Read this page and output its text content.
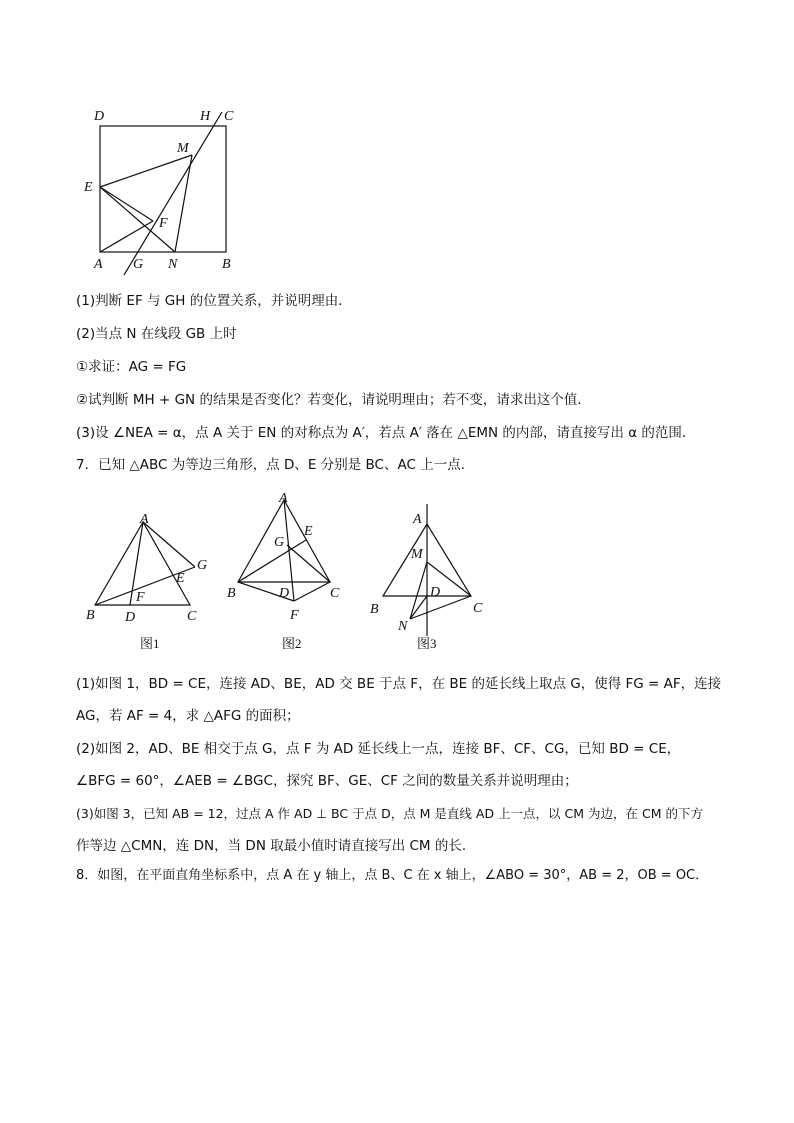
D	H C
M
E
F
A G N	B
(1)判断 EF 与 GH 的位置关系，并说明理由．
(2)当点 N 在线段 GB 上时
①求证：AG = FG
②试判断 MH + GN 的结果是否变化？若变化，请说明理由；若不变，请求出这个值．
(3)设 ∠NEA = α，点 A 关于 EN 的对称点为 A′，若点 A′ 落在 △EMN 的内部，请直接写出 α 的范围．
7．已知 △ABC 为等边三角形，点 D、E 分别是 BC、AC 上一点．
A
G
E
F
B D	C
图1
A
E
G
B	D	C
F
图2
A
M
D
B	C
N
图3
(1)如图 1，BD = CE，连接 AD、BE，AD 交 BE 于点 F，在 BE 的延长线上取点 G，使得 FG = AF，连接
AG，若 AF = 4，求 △AFG 的面积；
(2)如图 2，AD、BE 相交于点 G，点 F 为 AD 延长线上一点，连接 BF、CF、CG，已知 BD = CE，
∠BFG = 60°，∠AEB = ∠BGC，探究 BF、GE、CF 之间的数量关系并说明理由；
(3)如图 3，已知 AB = 12，过点 A 作 AD ⊥ BC 于点 D，点 M 是直线 AD 上一点，以 CM 为边，在 CM 的下方
作等边 △CMN，连 DN，当 DN 取最小值时请直接写出 CM 的长．
8．如图，在平面直角坐标系中，点 A 在 y 轴上，点 B、C 在 x 轴上，∠ABO = 30°，AB = 2，OB = OC．
